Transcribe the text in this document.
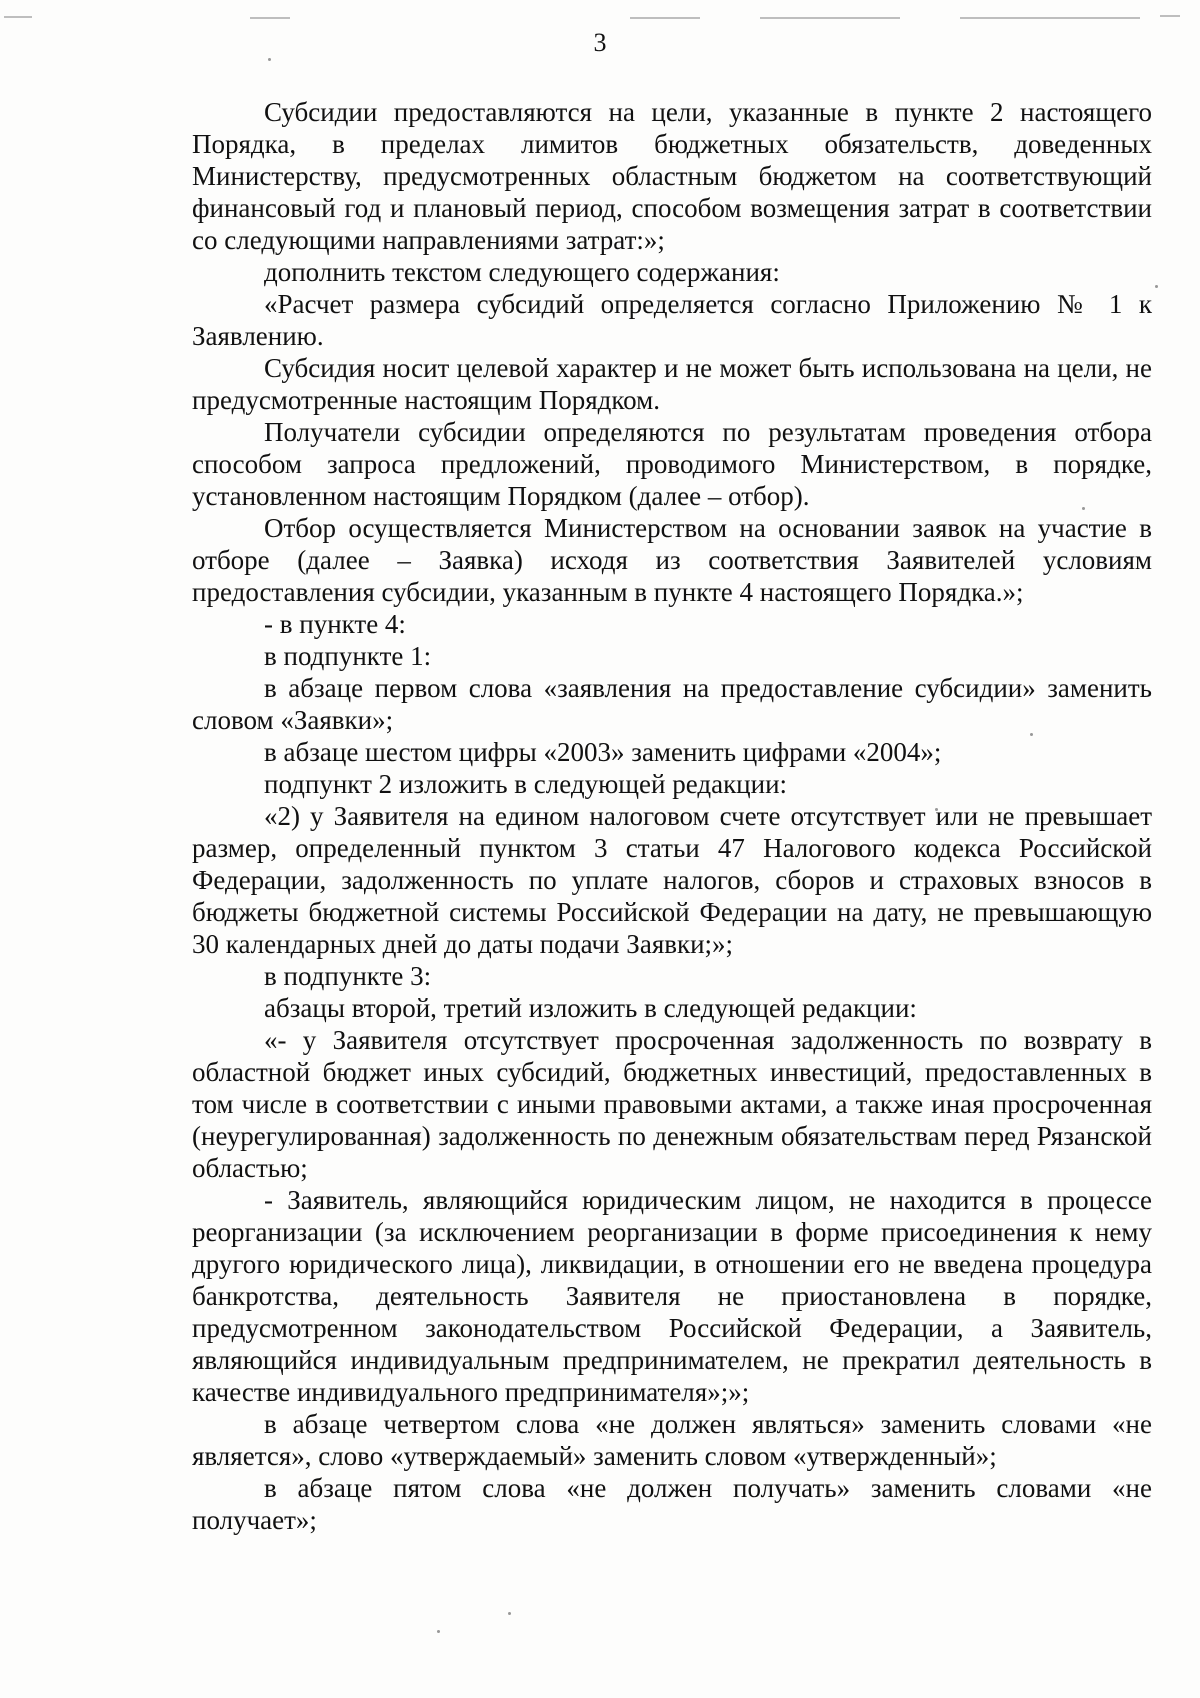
3

Субсидии предоставляются на цели, указанные в пункте 2 настоящего Порядка, в пределах лимитов бюджетных обязательств, доведенных Министерству, предусмотренных областным бюджетом на соответствующий финансовый год и плановый период, способом возмещения затрат в соответствии со следующими направлениями затрат:»;

дополнить текстом следующего содержания:

«Расчет размера субсидий определяется согласно Приложению № 1 к Заявлению.

Субсидия носит целевой характер и не может быть использована на цели, не предусмотренные настоящим Порядком.

Получатели субсидии определяются по результатам проведения отбора способом запроса предложений, проводимого Министерством, в порядке, установленном настоящим Порядком (далее – отбор).

Отбор осуществляется Министерством на основании заявок на участие в отборе (далее – Заявка) исходя из соответствия Заявителей условиям предоставления субсидии, указанным в пункте 4 настоящего Порядка.»;

- в пункте 4:

в подпункте 1:

в абзаце первом слова «заявления на предоставление субсидии» заменить словом «Заявки»;

в абзаце шестом цифры «2003» заменить цифрами «2004»;

подпункт 2 изложить в следующей редакции:

«2) у Заявителя на едином налоговом счете отсутствует или не превышает размер, определенный пунктом 3 статьи 47 Налогового кодекса Российской Федерации, задолженность по уплате налогов, сборов и страховых взносов в бюджеты бюджетной системы Российской Федерации на дату, не превышающую 30 календарных дней до даты подачи Заявки;»;

в подпункте 3:

абзацы второй, третий изложить в следующей редакции:

«- у Заявителя отсутствует просроченная задолженность по возврату в областной бюджет иных субсидий, бюджетных инвестиций, предоставленных в том числе в соответствии с иными правовыми актами, а также иная просроченная (неурегулированная) задолженность по денежным обязательствам перед Рязанской областью;

- Заявитель, являющийся юридическим лицом, не находится в процессе реорганизации (за исключением реорганизации в форме присоединения к нему другого юридического лица), ликвидации, в отношении его не введена процедура банкротства, деятельность Заявителя не приостановлена в порядке, предусмотренном законодательством Российской Федерации, а Заявитель, являющийся индивидуальным предпринимателем, не прекратил деятельность в качестве индивидуального предпринимателя»;»;

в абзаце четвертом слова «не должен являться» заменить словами «не является», слово «утверждаемый» заменить словом «утвержденный»;

в абзаце пятом слова «не должен получать» заменить словами «не получает»;
